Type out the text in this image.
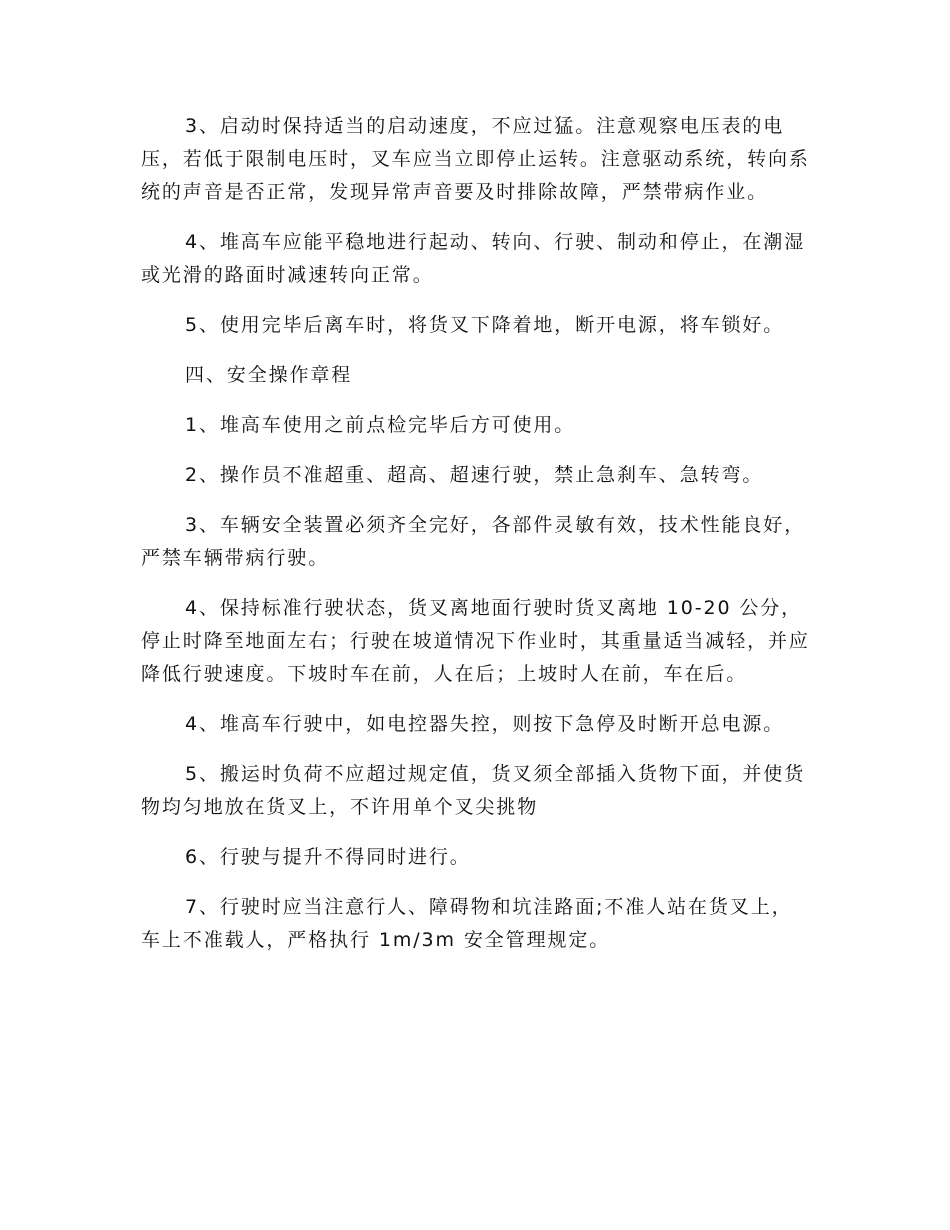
3、启动时保持适当的启动速度，不应过猛。注意观察电压表的电压，若低于限制电压时，叉车应当立即停止运转。注意驱动系统，转向系统的声音是否正常，发现异常声音要及时排除故障，严禁带病作业。

4、堆高车应能平稳地进行起动、转向、行驶、制动和停止，在潮湿或光滑的路面时减速转向正常。

5、使用完毕后离车时，将货叉下降着地，断开电源，将车锁好。

四、安全操作章程

1、堆高车使用之前点检完毕后方可使用。

2、操作员不准超重、超高、超速行驶，禁止急刹车、急转弯。

3、车辆安全装置必须齐全完好，各部件灵敏有效，技术性能良好，严禁车辆带病行驶。

4、保持标准行驶状态，货叉离地面行驶时货叉离地 10-20 公分，停止时降至地面左右；行驶在坡道情况下作业时，其重量适当减轻，并应降低行驶速度。下坡时车在前，人在后；上坡时人在前，车在后。

4、堆高车行驶中，如电控器失控，则按下急停及时断开总电源。

5、搬运时负荷不应超过规定值，货叉须全部插入货物下面，并使货物均匀地放在货叉上，不许用单个叉尖挑物

6、行驶与提升不得同时进行。

7、行驶时应当注意行人、障碍物和坑洼路面;不准人站在货叉上，车上不准载人，严格执行 1m/3m 安全管理规定。
